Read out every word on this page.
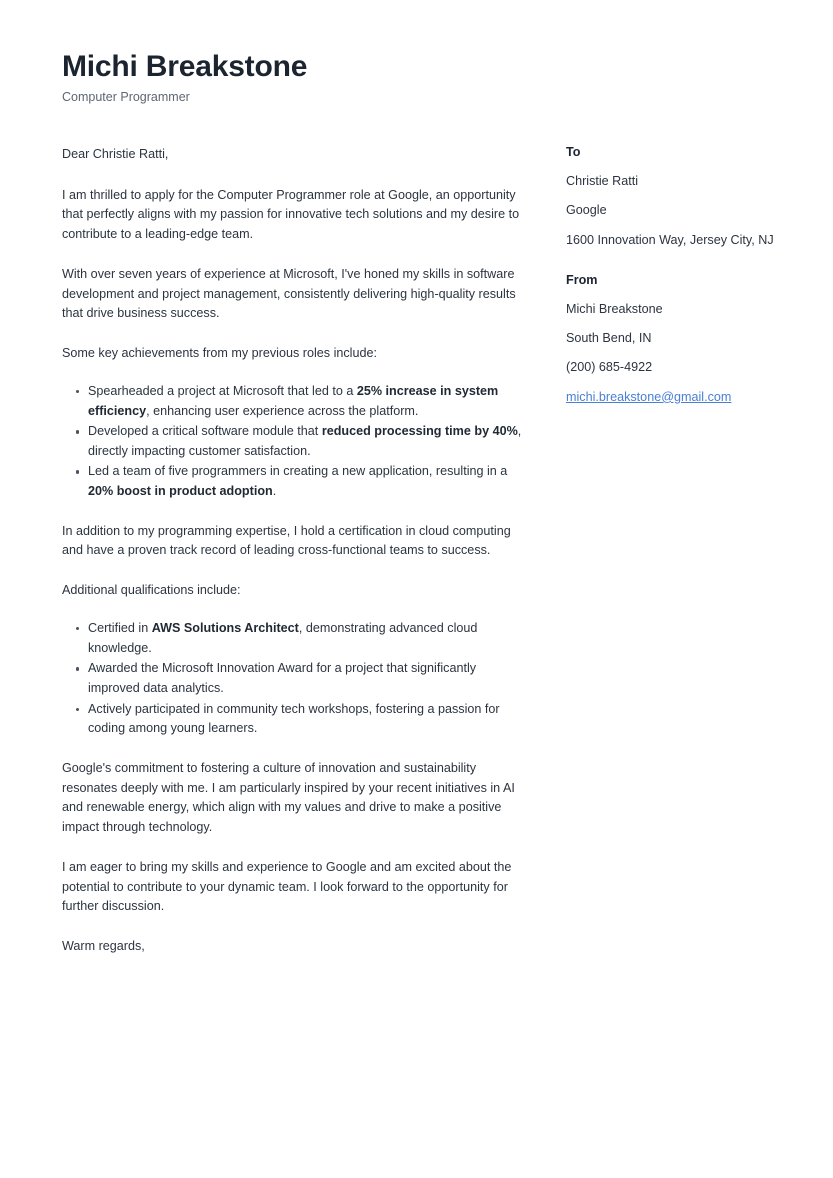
Michi Breakstone
Computer Programmer

Dear Christie Ratti,

I am thrilled to apply for the Computer Programmer role at Google, an opportunity that perfectly aligns with my passion for innovative tech solutions and my desire to contribute to a leading-edge team.

With over seven years of experience at Microsoft, I've honed my skills in software development and project management, consistently delivering high-quality results that drive business success.

Some key achievements from my previous roles include:

Spearheaded a project at Microsoft that led to a 25% increase in system efficiency, enhancing user experience across the platform.
Developed a critical software module that reduced processing time by 40%, directly impacting customer satisfaction.
Led a team of five programmers in creating a new application, resulting in a 20% boost in product adoption.

In addition to my programming expertise, I hold a certification in cloud computing and have a proven track record of leading cross-functional teams to success.

Additional qualifications include:

Certified in AWS Solutions Architect, demonstrating advanced cloud knowledge.
Awarded the Microsoft Innovation Award for a project that significantly improved data analytics.
Actively participated in community tech workshops, fostering a passion for coding among young learners.

Google's commitment to fostering a culture of innovation and sustainability resonates deeply with me. I am particularly inspired by your recent initiatives in AI and renewable energy, which align with my values and drive to make a positive impact through technology.

I am eager to bring my skills and experience to Google and am excited about the potential to contribute to your dynamic team. I look forward to the opportunity for further discussion.

Warm regards,

To
Christie Ratti
Google
1600 Innovation Way, Jersey City, NJ
From
Michi Breakstone
South Bend, IN
(200) 685-4922
michi.breakstone@gmail.com
